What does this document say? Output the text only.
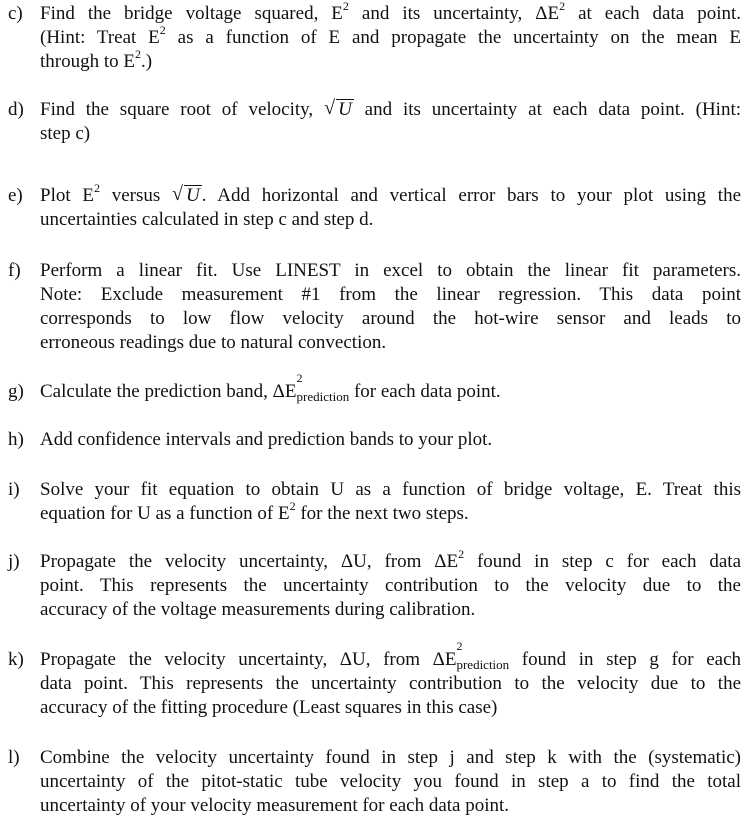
c) Find the bridge voltage squared, $E^2$ and its uncertainty, $\Delta E^2$ at each data point.
(Hint: Treat $E^2$ as a function of E and propagate the uncertainty on the mean E
through to $E^2$.)
d) Find the square root of velocity, √ U and its uncertainty at each data point. (Hint:
step c)
e) Plot $E^2$ versus √ U . Add horizontal and vertical error bars to your plot using the
uncertainties calculated in step c and step d.
f) Perform a linear fit. Use LINEST in excel to obtain the linear fit parameters.
Note: Exclude measurement #1 from the linear regression. This data point
corresponds to low flow velocity around the hot-wire sensor and leads to
erroneous readings due to natural convection.
g) Calculate the prediction band, ΔE
2
$_{prediction}$ for each data point.
h) Add confidence intervals and prediction bands to your plot.
i) Solve your fit equation to obtain U as a function of bridge voltage, E. Treat this
equation for U as a function of $E^2$ for the next two steps.
j) Propagate the velocity uncertainty, ΔU, from $\Delta E^2$ found in step c for each data
point. This represents the uncertainty contribution to the velocity due to the
accuracy of the voltage measurements during calibration.
k) Propagate the velocity uncertainty, ΔU, from ΔE
2
$_{prediction}$ found in step g for each
data point. This represents the uncertainty contribution to the velocity due to the
accuracy of the fitting procedure (Least squares in this case)
l) Combine the velocity uncertainty found in step j and step k with the (systematic)
uncertainty of the pitot-static tube velocity you found in step a to find the total
uncertainty of your velocity measurement for each data point.
